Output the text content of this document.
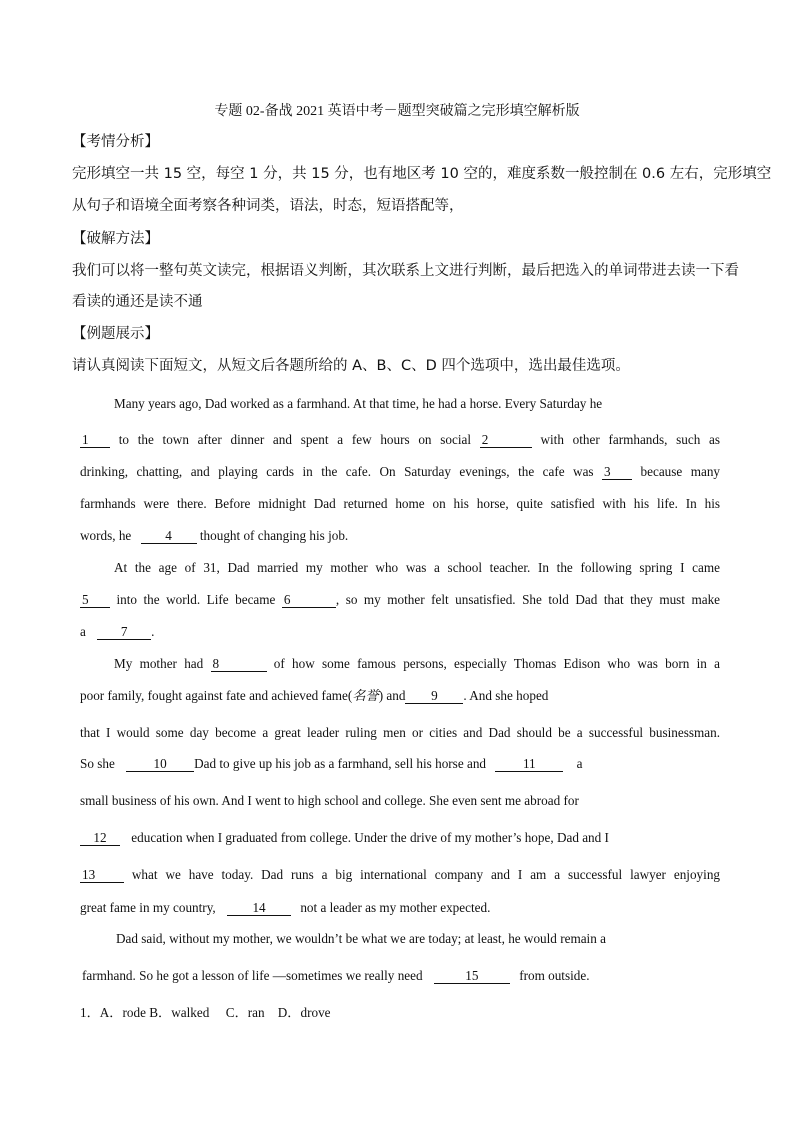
专题 02-备战 2021 英语中考－题型突破篇之完形填空解析版
【考情分析】
完形填空一共 15 空，每空 1 分，共 15 分，也有地区考 10 空的，难度系数一般控制在 0.6 左右，完形填空
从句子和语境全面考察各种词类，语法，时态，短语搭配等，
【破解方法】
我们可以将一整句英文读完，根据语义判断，其次联系上文进行判断，最后把选入的单词带进去读一下看
看读的通还是读不通
【例题展示】
请认真阅读下面短文，从短文后各题所给的 A、B、C、D 四个选项中，选出最佳选项。
Many years ago, Dad worked as a farmhand. At that time, he had a horse. Every Saturday he
1 to the town after dinner and spent a few hours on social 2	with other farmhands, such as
drinking, chatting, and playing cards in the cafe. On Saturday evenings, the cafe was 3 because many
farmhands were there. Before midnight Dad returned home on his horse, quite satisfied with his life. In his
words, he	4 thought of changing his job.
At the age of 31, Dad married my mother who was a school teacher. In the following spring I came
5 into the world. Life became 6	, so my mother felt unsatisfied. She told Dad that they must make
a	7 .
My mother had 8	of how some famous persons, especially Thomas Edison who was born in a
poor family, fought against fate and achieved fame(名誉) and 9 . And she hoped
that I would some day become a great leader ruling men or cities and Dad should be a successful businessman.
So she	10 Dad to give up his job as a farmhand, sell his horse and	11	a
small business of his own. And I went to high school and college. She even sent me abroad for
12 education when I graduated from college. Under the drive of my mother’s hope, Dad and I
13	what we have today. Dad runs a big international company and I am a successful lawyer enjoying
great fame in my country,	14	not a leader as my mother expected.
Dad said, without my mother, we wouldn’t be what we are today; at least, he would remain a
farmhand. So he got a lesson of life —sometimes we really need	15	from outside.
1．A．rode B．walked     C．ran    D．drove
